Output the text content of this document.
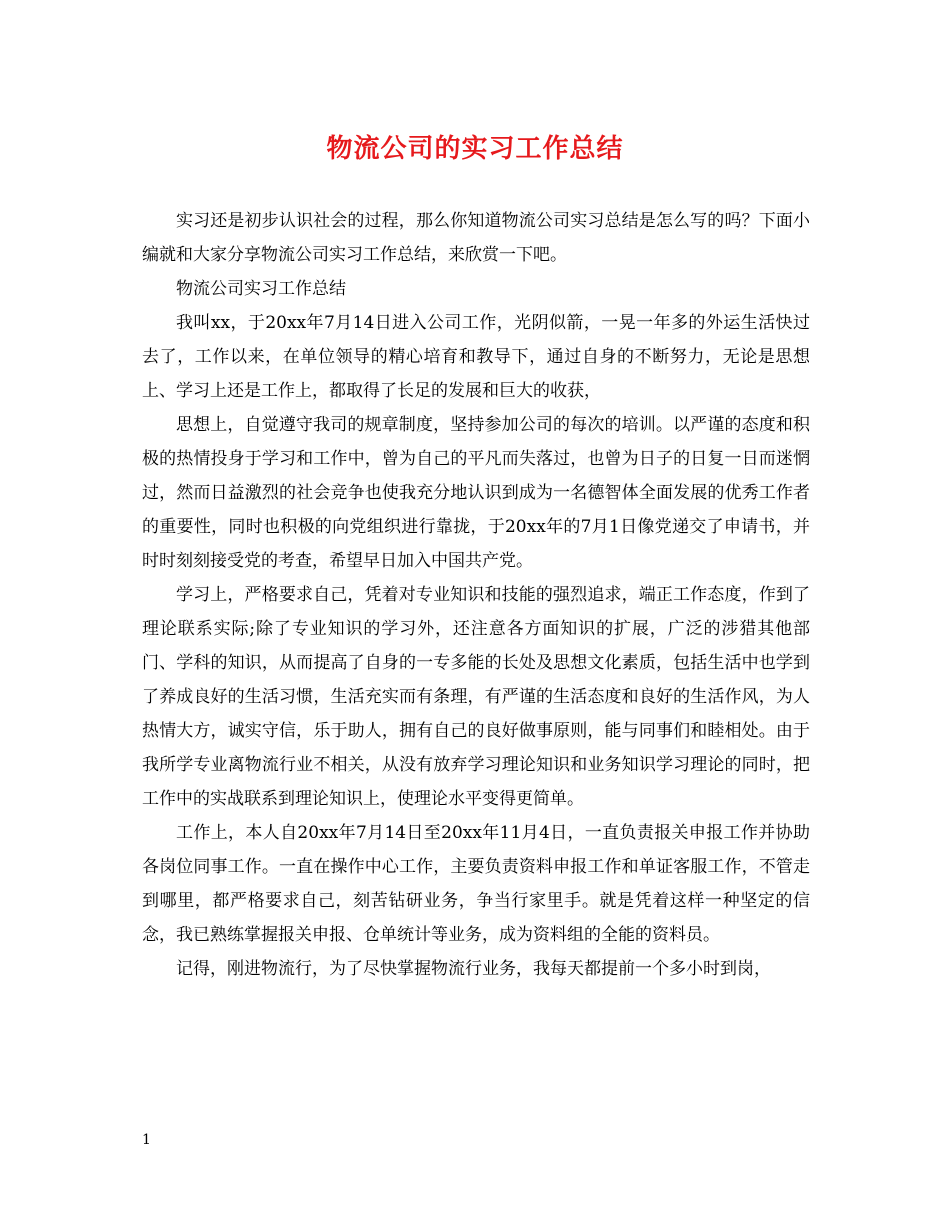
物流公司的实习工作总结

实习还是初步认识社会的过程，那么你知道物流公司实习总结是怎么写的吗？下面小编就和大家分享物流公司实习工作总结，来欣赏一下吧。

物流公司实习工作总结

我叫xx，于20xx年7月14日进入公司工作，光阴似箭，一晃一年多的外运生活快过去了，工作以来，在单位领导的精心培育和教导下，通过自身的不断努力，无论是思想上、学习上还是工作上，都取得了长足的发展和巨大的收获，

思想上，自觉遵守我司的规章制度，坚持参加公司的每次的培训。以严谨的态度和积极的热情投身于学习和工作中，曾为自己的平凡而失落过，也曾为日子的日复一日而迷惘过，然而日益激烈的社会竞争也使我充分地认识到成为一名德智体全面发展的优秀工作者的重要性，同时也积极的向党组织进行靠拢，于20xx年的7月1日像党递交了申请书，并时时刻刻接受党的考查，希望早日加入中国共产党。

学习上，严格要求自己，凭着对专业知识和技能的强烈追求，端正工作态度，作到了理论联系实际;除了专业知识的学习外，还注意各方面知识的扩展，广泛的涉猎其他部门、学科的知识，从而提高了自身的一专多能的长处及思想文化素质，包括生活中也学到了养成良好的生活习惯，生活充实而有条理，有严谨的生活态度和良好的生活作风，为人热情大方，诚实守信，乐于助人，拥有自己的良好做事原则，能与同事们和睦相处。由于我所学专业离物流行业不相关，从没有放弃学习理论知识和业务知识学习理论的同时，把工作中的实战联系到理论知识上，使理论水平变得更简单。

工作上，本人自20xx年7月14日至20xx年11月4日，一直负责报关申报工作并协助各岗位同事工作。一直在操作中心工作，主要负责资料申报工作和单证客服工作，不管走到哪里，都严格要求自己，刻苦钻研业务，争当行家里手。就是凭着这样一种坚定的信念，我已熟练掌握报关申报、仓单统计等业务，成为资料组的全能的资料员。

记得，刚进物流行，为了尽快掌握物流行业务，我每天都提前一个多小时到岗，

1
